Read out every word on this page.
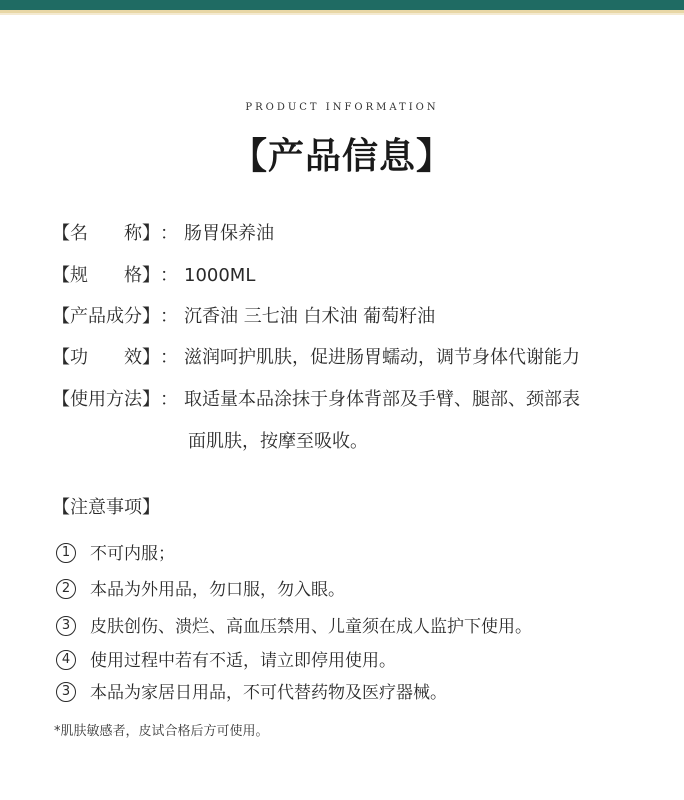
PRODUCT INFORMATION
【产品信息】
【名　　称】： 肠胃保养油
【规　　格】： 1000ML
【产品成分】： 沉香油 三七油 白术油 葡萄籽油
【功　　效】： 滋润呵护肌肤，促进肠胃蠕动，调节身体代谢能力
【使用方法】： 取适量本品涂抹于身体背部及手臂、腿部、颈部表
面肌肤，按摩至吸收。
【注意事项】
1 不可内服；
2 本品为外用品，勿口服，勿入眼。
3 皮肤创伤、溃烂、高血压禁用、儿童须在成人监护下使用。
4 使用过程中若有不适，请立即停用使用。
3 本品为家居日用品，不可代替药物及医疗器械。
*肌肤敏感者，皮试合格后方可使用。
